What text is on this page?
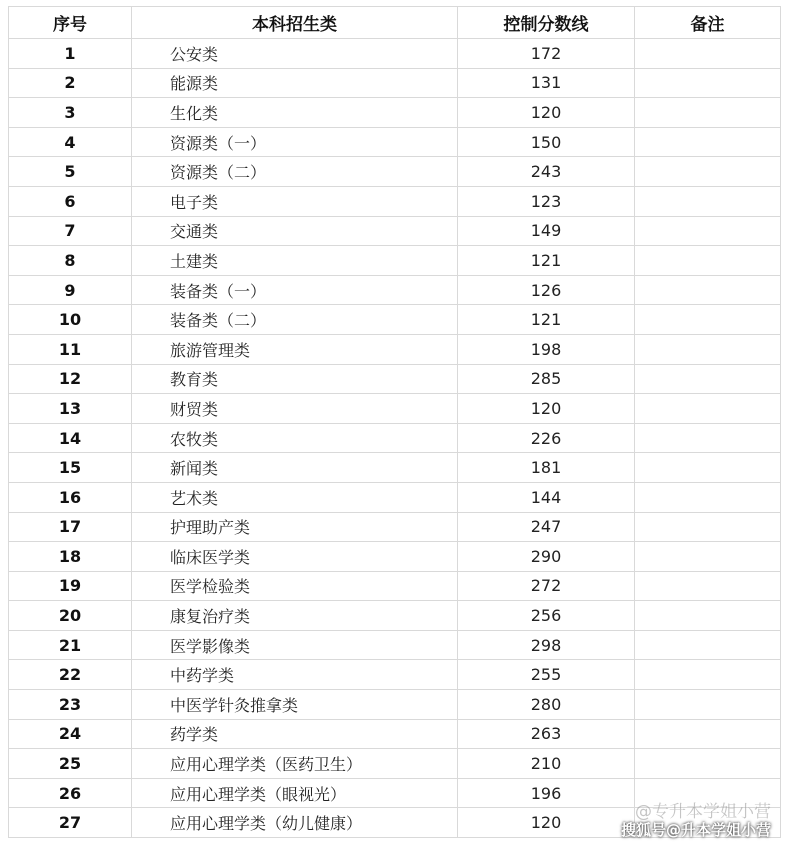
序号	本科招生类	控制分数线	备注
1	公安类	172	
2	能源类	131	
3	生化类	120	
4	资源类（一）	150	
5	资源类（二）	243	
6	电子类	123	
7	交通类	149	
8	土建类	121	
9	装备类（一）	126	
10	装备类（二）	121	
11	旅游管理类	198	
12	教育类	285	
13	财贸类	120	
14	农牧类	226	
15	新闻类	181	
16	艺术类	144	
17	护理助产类	247	
18	临床医学类	290	
19	医学检验类	272	
20	康复治疗类	256	
21	医学影像类	298	
22	中药学类	255	
23	中医学针灸推拿类	280	
24	药学类	263	
25	应用心理学类（医药卫生）	210	
26	应用心理学类（眼视光）	196	
27	应用心理学类（幼儿健康）	120	
@专升本学姐小营
搜狐号@升本学姐小营
